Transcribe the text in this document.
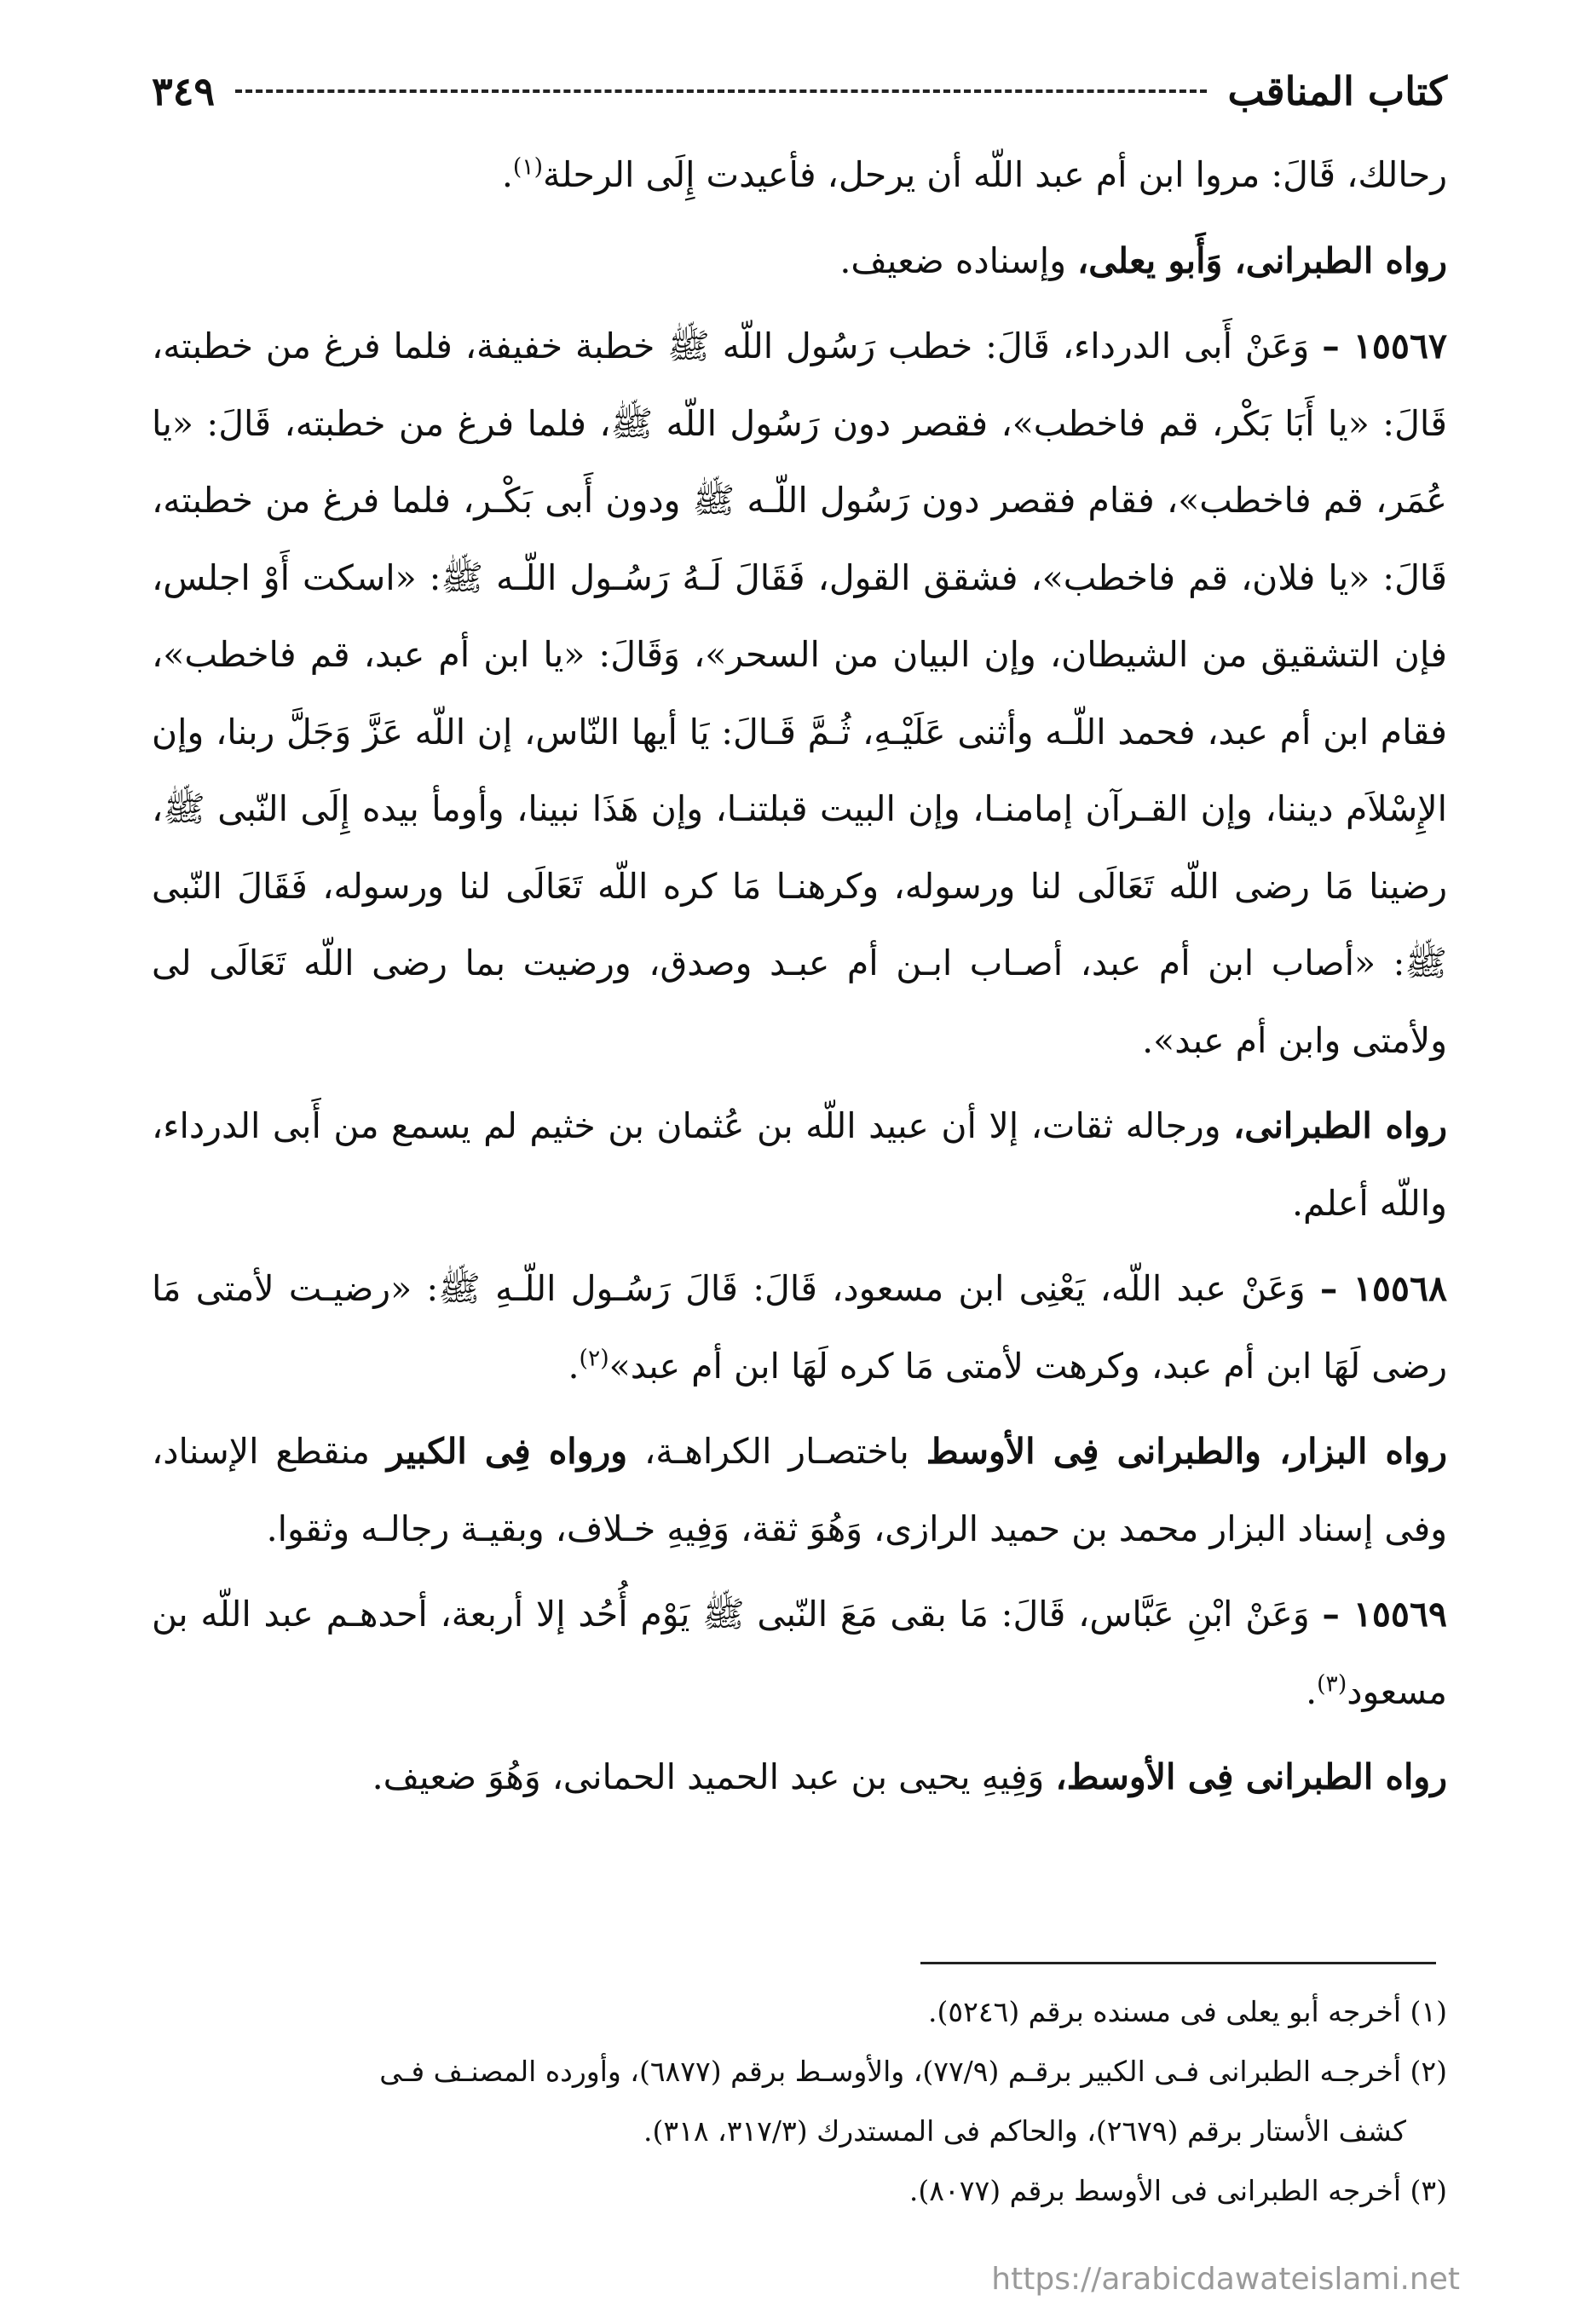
كتاب المناقب
٣٤٩

رحالك، قَالَ: مروا ابن أم عبد اللّه أن يرحل، فأعيدت إِلَى الرحلة$^{(١)}$.

رواه الطبرانى، وَأَبو يعلى، وإسناده ضعيف.

١٥٥٦٧ – وَعَنْ أَبى الدرداء، قَالَ: خطب رَسُول اللّه ﷺ خطبة خفيفة، فلما فرغ من خطبته، قَالَ: «يا أَبَا بَكْر، قم فاخطب»، فقصر دون رَسُول اللّه ﷺ، فلما فرغ من خطبته، قَالَ: «يا عُمَر، قم فاخطب»، فقام فقصر دون رَسُول اللّـه ﷺ ودون أَبى بَكْـر، فلما فرغ من خطبته، قَالَ: «يا فلان، قم فاخطب»، فشقق القول، فَقَالَ لَـهُ رَسُـول اللّـه ﷺ: «اسكت أَوْ اجلس، فإن التشقيق من الشيطان، وإن البيان من السحر»، وَقَالَ: «يا ابن أم عبد، قم فاخطب»، فقام ابن أم عبد، فحمد اللّـه وأثنى عَلَيْـهِ، ثُـمَّ قَـالَ: يَا أيها النّاس، إن اللّه عَزَّ وَجَلَّ ربنا، وإن الإِسْلاَم ديننا، وإن القـرآن إمامنـا، وإن البيت قبلتنـا، وإن هَذَا نبينا، وأومأ بيده إِلَى النّبى ﷺ، رضينا مَا رضى اللّه تَعَالَى لنا ورسوله، وكرهنـا مَا كره اللّه تَعَالَى لنا ورسوله، فَقَالَ النّبى ﷺ: «أصاب ابن أم عبد، أصـاب ابـن أم عبـد وصدق، ورضيت بما رضى اللّه تَعَالَى لى ولأمتى وابن أم عبد».

رواه الطبرانى، ورجاله ثقات، إلا أن عبيد اللّه بن عُثمان بن خثيم لم يسمع من أَبى الدرداء، واللّه أعلم.

١٥٥٦٨ – وَعَنْ عبد اللّه، يَعْنِى ابن مسعود، قَالَ: قَالَ رَسُـول اللّـهِ ﷺ: «رضيـت لأمتى مَا رضى لَهَا ابن أم عبد، وكرهت لأمتى مَا كره لَهَا ابن أم عبد»$^{(٢)}$.

رواه البزار، والطبرانى فِى الأوسط باختصـار الكراهـة، ورواه فِى الكبير منقطع الإسناد، وفى إسناد البزار محمد بن حميد الرازى، وَهُوَ ثقة، وَفِيهِ خـلاف، وبقيـة رجالـه وثقوا.

١٥٥٦٩ – وَعَنْ ابْنِ عَبَّاس، قَالَ: مَا بقى مَعَ النّبى ﷺ يَوْم أُحُد إلا أربعة، أحدهـم عبد اللّه بن مسعود$^{(٣)}$.

رواه الطبرانى فِى الأوسط، وَفِيهِ يحيى بن عبد الحميد الحمانى، وَهُوَ ضعيف.

(١) أخرجه أبو يعلى فى مسنده برقم (٥٢٤٦).

(٢) أخرجـه الطبرانى فـى الكبير برقـم (٧٧/٩)، والأوسـط برقم (٦٨٧٧)، وأورده المصنـف فـى

كشف الأستار برقم (٢٦٧٩)، والحاكم فى المستدرك (٣١٧/٣، ٣١٨).

(٣) أخرجه الطبرانى فى الأوسط برقم (٨٠٧٧).

https://arabicdawateislami.net
